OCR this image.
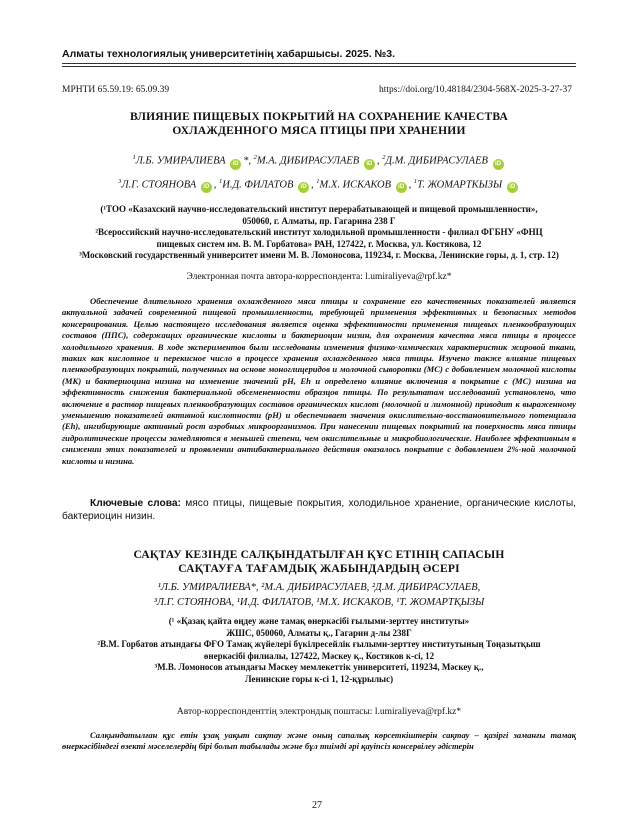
Алматы технологиялық университетінің хабаршысы. 2025. №3.
МРНТИ 65.59.19: 65.09.39	https://doi.org/10.48184/2304-568X-2025-3-27-37
ВЛИЯНИЕ ПИЩЕВЫХ ПОКРЫТИЙ НА СОХРАНЕНИЕ КАЧЕСТВА
ОХЛАЖДЕННОГО МЯСА ПТИЦЫ ПРИ ХРАНЕНИИ
$^1$Л.Б. УМИРАЛИЕВА iD *, $^2$М.А. ДИБИРАСУЛАЕВ iD , $^2$Д.М. ДИБИРАСУЛАЕВ iD
$^3$Л.Г. СТОЯНОВА iD , $^1$И.Д. ФИЛАТОВ iD , $^1$М.Х. ИСКАКОВ iD , $^1$Т. ЖОМАРТКЫЗЫ iD
(¹ТОО «Казахский научно-исследовательский институт перерабатывающей и пищевой промышленности»,
050060, г. Алматы, пр. Гагарина 238 Г
²Всероссийский научно-исследовательский институт холодильной промышленности - филиал ФГБНУ «ФНЦ
пищевых систем им. В. М. Горбатова» РАН, 127422, г. Москва, ул. Костякова, 12
³Московский государственный университет имени М. В. Ломоносова, 119234, г. Москва, Ленинские горы, д. 1, стр. 12)
Электронная почта автора-корреспондента: l.umiraliyeva@rpf.kz*
Обеспечение длительного хранения охлажденного мяса птицы и сохранение его качественных показателей является актуальной задачей современной пищевой промышленности, требующей применения эффективных и безопасных методов консервирования. Целью настоящего исследования является оценка эффективности применения пищевых пленкообразующих составов (ППС), содержащих органические кислоты и бактериоцин низин, для охранения качества мяса птицы в процессе холодильного хранения. В ходе экспериментов были исследованы изменения физико-химических характеристик жировой ткани, таких как кислотное и перекисное число в процессе хранения охлажденного мяса птицы. Изучено также влияние пищевых пленкообразующих покрытий, полученных на основе моноглицеридов и молочной сыворотки (МС) с добавлением молочной кислоты (МК) и бактериоцина низина на изменение значений рН, Eh и определено влияние включения в покрытие с (МС) низина на эффективность снижения бактериальной обсемененности образцов птицы. По результатам исследований установлено, что включение в раствор пищевых пленкообразующих составов органических кислот (молочной и лимонной) приводит к выраженному уменьшению показателей активной кислотности (рН) и обеспечивает значения окислительно-восстановительного потенциала (Eh), ингибирующие активный рост аэробных микроорганизмов. При нанесении пищевых покрытий на поверхность мяса птицы гидролитические процессы замедляются в меньшей степени, чем окислительные и микробиологические. Наиболее эффективным в снижении этих показателей и проявлении антибактериального действия оказалось покрытие с добавлением 2%-ной молочной кислоты и низина.
Ключевые слова: мясо птицы, пищевые покрытия, холодильное хранение, органические кислоты, бактериоцин низин.
САҚТАУ КЕЗІНДЕ САЛҚЫНДАТЫЛҒАН ҚҰС ЕТІНІҢ САПАСЫН
САҚТАУҒА ТАҒАМДЫҚ ЖАБЫНДАРДЫҢ ӘСЕРІ
¹Л.Б. УМИРАЛИЕВА*, ²М.А. ДИБИРАСУЛАЕВ, ²Д.М. ДИБИРАСУЛАЕВ,
³Л.Г. СТОЯНОВА, ¹И.Д. ФИЛАТОВ, ¹М.Х. ИСКАКОВ, ¹Т. ЖОМАРТҚЫЗЫ
(¹ «Қазақ қайта өңдеу және тамақ өнеркәсібі ғылыми-зерттеу институты»
ЖШС, 050060, Алматы қ., Гагарин д-лы 238Г
²В.М. Горбатов атындағы ФҒО Тамақ жүйелері бүкілресейлік ғылыми-зерттеу институтының Тоңазытқыш
өнеркәсібі филиалы, 127422, Мәскеу қ., Костяков к-сі, 12
³М.В. Ломоносов атындағы Мәскеу мемлекеттік университеті, 119234, Мәскеу қ.,
Ленинские горы к-сі 1, 12-құрылыс)
Автор-корреспонденттің электрондық поштасы: l.umiraliyeva@rpf.kz*
Салқындатылған құс етін ұзақ уақыт сақтау және оның сапалық көрсеткіштерін сақтау – қазіргі заманғы тамақ өнеркәсібіндегі өзекті мәселелердің бірі болып табылады және бұл тиімді әрі қауіпсіз консервілеу әдістерін
27
